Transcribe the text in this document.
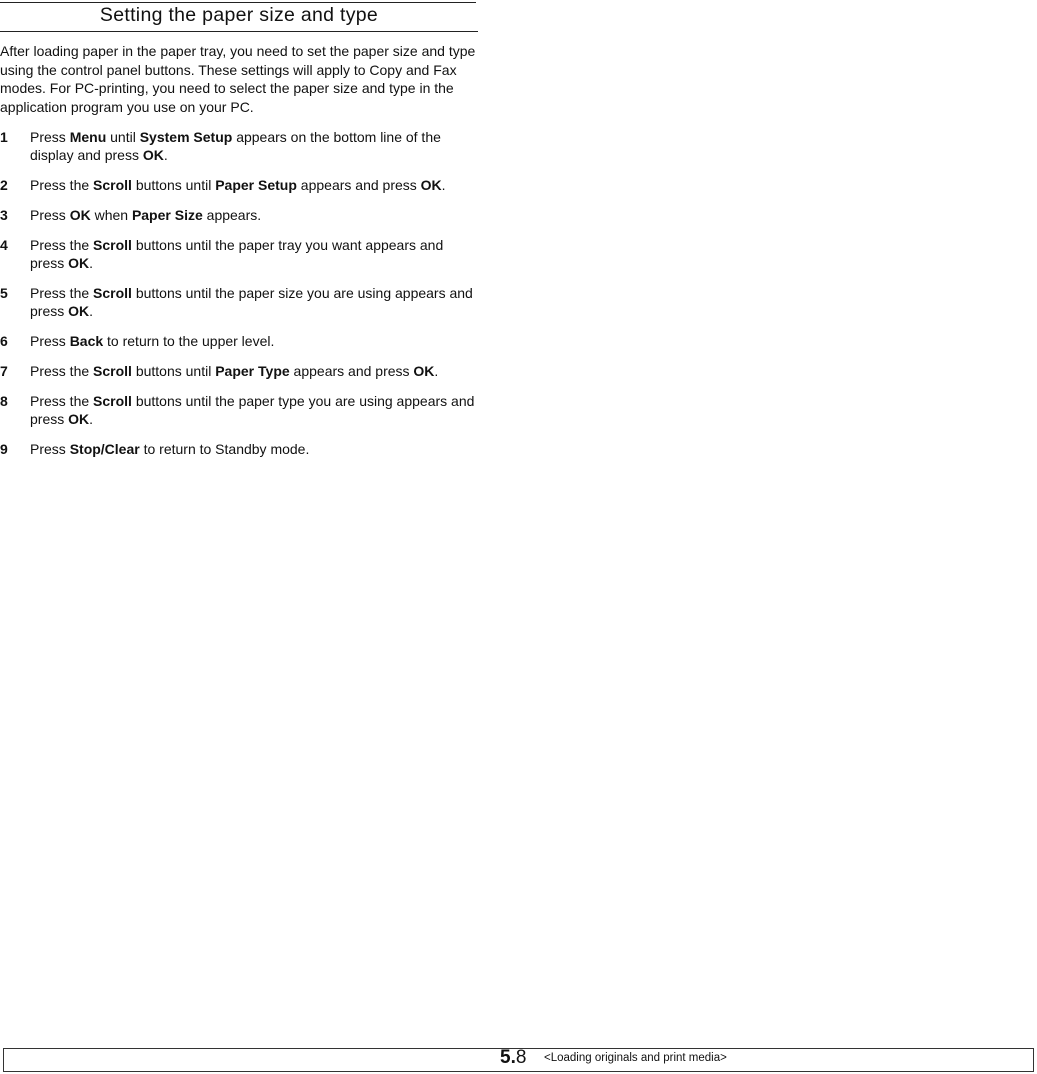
Setting the paper size and type

After loading paper in the paper tray, you need to set the paper size and type using the control panel buttons. These settings will apply to Copy and Fax modes. For PC-printing, you need to select the paper size and type in the application program you use on your PC.

1 Press Menu until System Setup appears on the bottom line of the display and press OK.
2 Press the Scroll buttons until Paper Setup appears and press OK.
3 Press OK when Paper Size appears.
4 Press the Scroll buttons until the paper tray you want appears and press OK.
5 Press the Scroll buttons until the paper size you are using appears and press OK.
6 Press Back to return to the upper level.
7 Press the Scroll buttons until Paper Type appears and press OK.
8 Press the Scroll buttons until the paper type you are using appears and press OK.
9 Press Stop/Clear to return to Standby mode.
5.8 <Loading originals and print media>
